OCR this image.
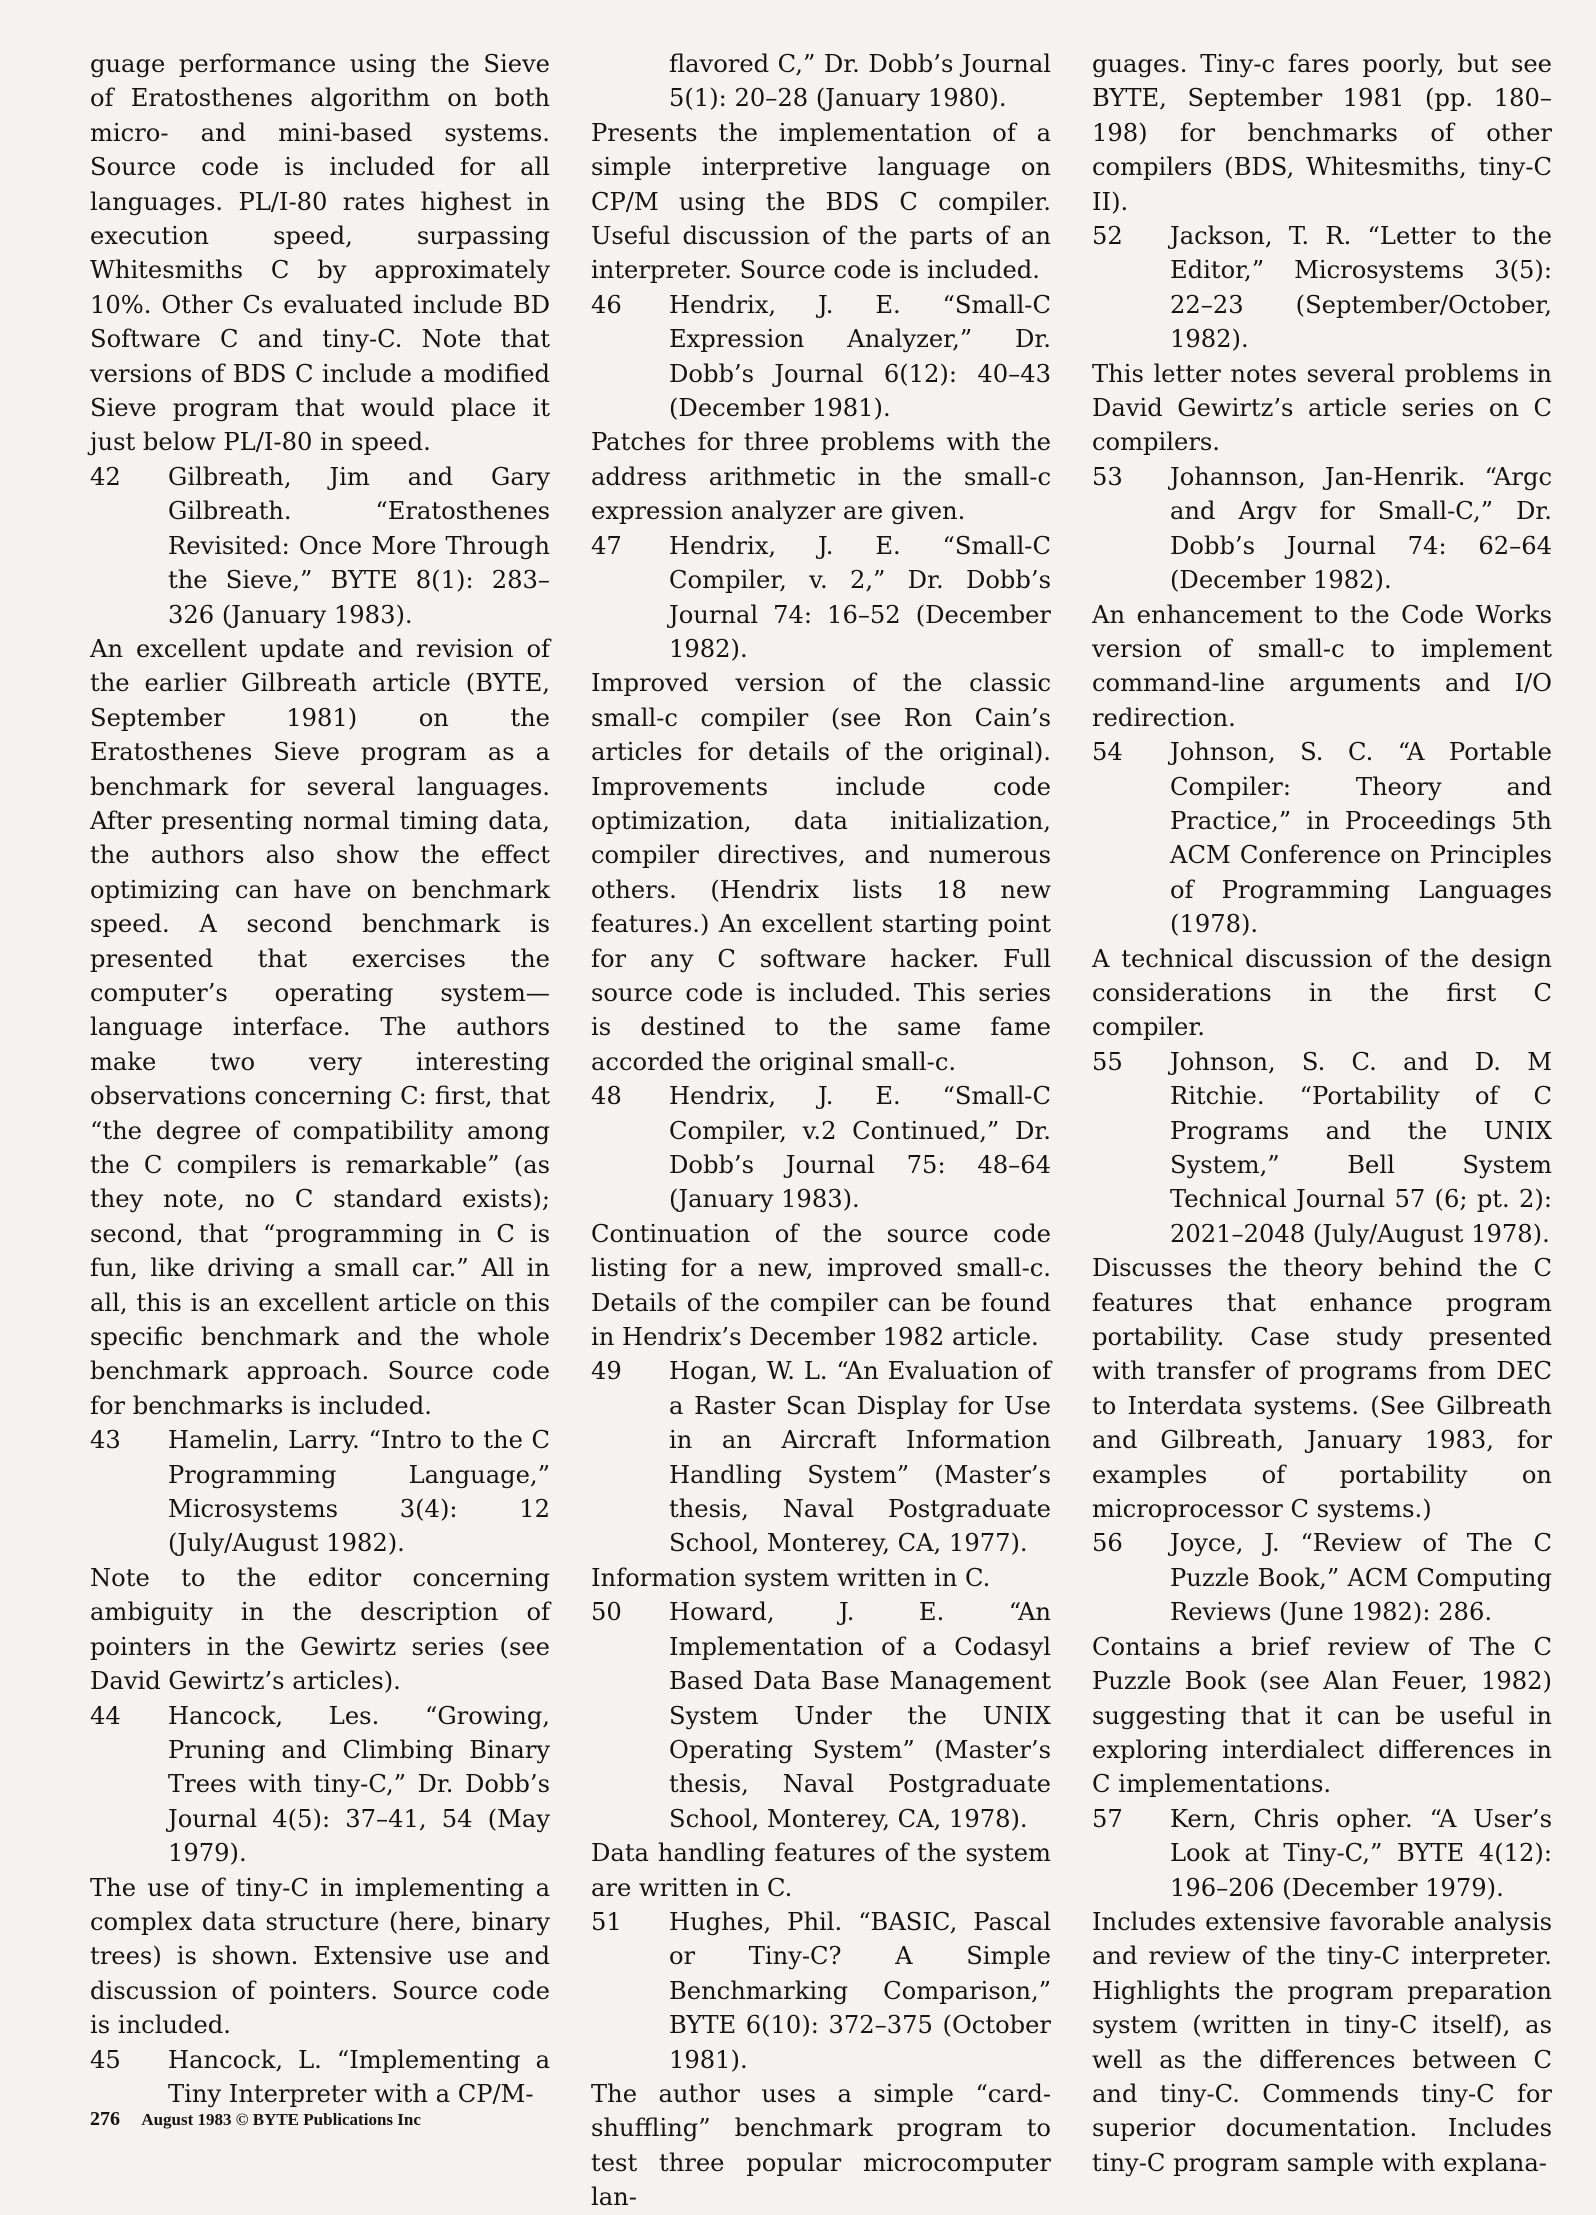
guage performance using the Sieve of Eratosthenes algorithm on both micro- and mini-based systems. Source code is included for all languages. PL/I-80 rates highest in execution speed, surpassing Whitesmiths C by approximately 10%. Other Cs evaluated include BD Software C and tiny-C. Note that versions of BDS C include a modified Sieve program that would place it just below PL/I-80 in speed.

42	Gilbreath, Jim and Gary Gilbreath. “Eratosthenes Revisited: Once More Through the Sieve,” BYTE 8(1): 283–326 (January 1983).

An excellent update and revision of the earlier Gilbreath article (BYTE, September 1981) on the Eratosthenes Sieve program as a benchmark for several languages. After presenting normal timing data, the authors also show the effect optimizing can have on benchmark speed. A second benchmark is presented that exercises the computer’s operating system—language interface. The authors make two very interesting observations concerning C: first, that “the degree of compatibility among the C compilers is remarkable” (as they note, no C standard exists); second, that “programming in C is fun, like driving a small car.” All in all, this is an excellent article on this specific benchmark and the whole benchmark approach. Source code for benchmarks is included.

43	Hamelin, Larry. “Intro to the C Programming Language,” Microsystems 3(4): 12 (July/August 1982).

Note to the editor concerning ambiguity in the description of pointers in the Gewirtz series (see David Gewirtz’s articles).

44	Hancock, Les. “Growing, Pruning and Climbing Binary Trees with tiny-C,” Dr. Dobb’s Journal 4(5): 37–41, 54 (May 1979).

The use of tiny-C in implementing a complex data structure (here, binary trees) is shown. Extensive use and discussion of pointers. Source code is included.

45	Hancock, L. “Implementing a Tiny Interpreter with a CP/M-
flavored C,” Dr. Dobb’s Journal 5(1): 20–28 (January 1980).

Presents the implementation of a simple interpretive language on CP/M using the BDS C compiler. Useful discussion of the parts of an interpreter. Source code is included.

46	Hendrix, J. E. “Small-C Expression Analyzer,” Dr. Dobb’s Journal 6(12): 40–43 (December 1981).

Patches for three problems with the address arithmetic in the small-c expression analyzer are given.

47	Hendrix, J. E. “Small-C Compiler, v. 2,” Dr. Dobb’s Journal 74: 16–52 (December 1982).

Improved version of the classic small-c compiler (see Ron Cain’s articles for details of the original). Improvements include code optimization, data initialization, compiler directives, and numerous others. (Hendrix lists 18 new features.) An excellent starting point for any C software hacker. Full source code is included. This series is destined to the same fame accorded the original small-c.

48	Hendrix, J. E. “Small-C Compiler, v.2 Continued,” Dr. Dobb’s Journal 75: 48–64 (January 1983).

Continuation of the source code listing for a new, improved small-c. Details of the compiler can be found in Hendrix’s December 1982 article.

49	Hogan, W. L. “An Evaluation of a Raster Scan Display for Use in an Aircraft Information Handling System” (Master’s thesis, Naval Postgraduate School, Monterey, CA, 1977).

Information system written in C.

50	Howard, J. E. “An Implementation of a Codasyl Based Data Base Management System Under the UNIX Operating System” (Master’s thesis, Naval Postgraduate School, Monterey, CA, 1978).

Data handling features of the system are written in C.

51	Hughes, Phil. “BASIC, Pascal or Tiny-C? A Simple Benchmarking Comparison,” BYTE 6(10): 372–375 (October 1981).

The author uses a simple “card-shuffling” benchmark program to test three popular microcomputer lan-

guages. Tiny-c fares poorly, but see BYTE, September 1981 (pp. 180–198) for benchmarks of other compilers (BDS, Whitesmiths, tiny-C II).

52	Jackson, T. R. “Letter to the Editor,” Microsystems 3(5): 22–23 (September/October, 1982).

This letter notes several problems in David Gewirtz’s article series on C compilers.

53	Johannson, Jan-Henrik. “Argc and Argv for Small-C,” Dr. Dobb’s Journal 74: 62–64 (December 1982).

An enhancement to the Code Works version of small-c to implement command-line arguments and I/O redirection.

54	Johnson, S. C. “A Portable Compiler: Theory and Practice,” in Proceedings 5th ACM Conference on Principles of Programming Languages (1978).

A technical discussion of the design considerations in the first C compiler.

55	Johnson, S. C. and D. M Ritchie. “Portability of C Programs and the UNIX System,” Bell System Technical Journal 57 (6; pt. 2): 2021–2048 (July/August 1978).

Discusses the theory behind the C features that enhance program portability. Case study presented with transfer of programs from DEC to Interdata systems. (See Gilbreath and Gilbreath, January 1983, for examples of portability on microprocessor C systems.)

56	Joyce, J. “Review of The C Puzzle Book,” ACM Computing Reviews (June 1982): 286.

Contains a brief review of The C Puzzle Book (see Alan Feuer, 1982) suggesting that it can be useful in exploring interdialect differences in C implementations.

57	Kern, Chris opher. “A User’s Look at Tiny-C,” BYTE 4(12): 196–206 (December 1979).

Includes extensive favorable analysis and review of the tiny-C interpreter. Highlights the program preparation system (written in tiny-C itself), as well as the differences between C and tiny-C. Commends tiny-C for superior documentation. Includes tiny-C program sample with explana-

276 August 1983 © BYTE Publications Inc
